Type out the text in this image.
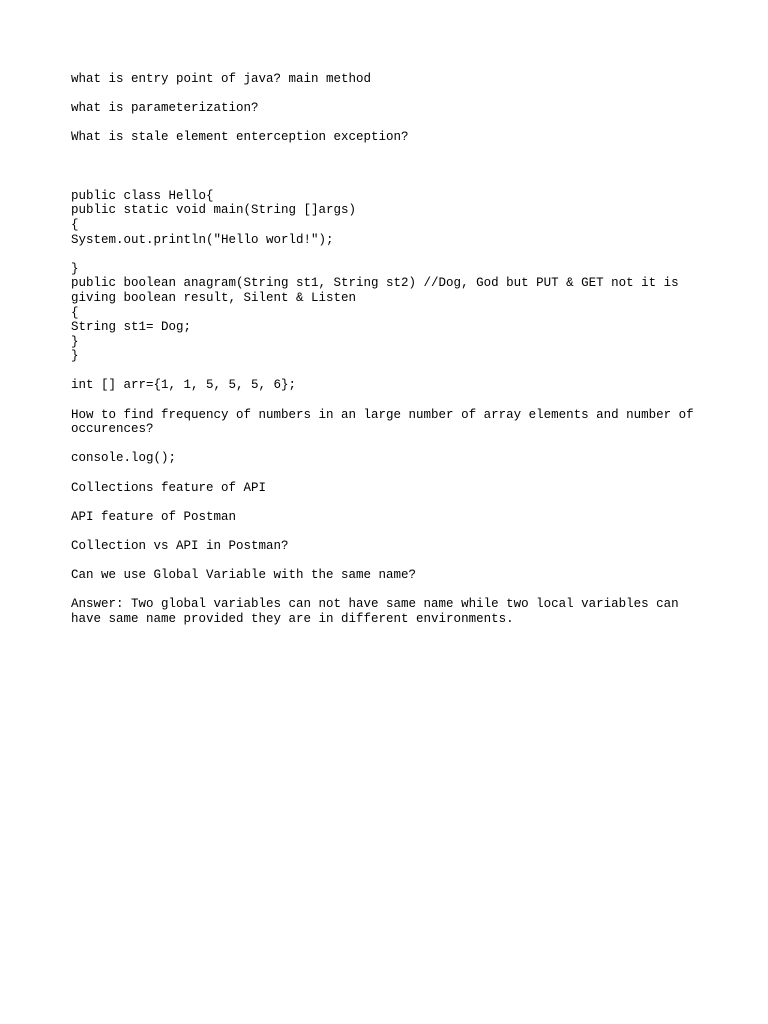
what is entry point of java? main method

what is parameterization?

What is stale element enterception exception?

public class Hello{
public static void main(String []args)
{
System.out.println("Hello world!");
}
public boolean anagram(String st1, String st2) //Dog, God but PUT & GET not it is giving boolean result, Silent & Listen
{
String st1= Dog;
}
}

int [] arr={1, 1, 5, 5, 5, 6};

How to find frequency of numbers in an large number of array elements and number of occurences?

console.log();

Collections feature of API

API feature of Postman

Collection vs API in Postman?

Can we use Global Variable with the same name?

Answer: Two global variables can not have same name while two local variables can have same name provided they are in different environments.
